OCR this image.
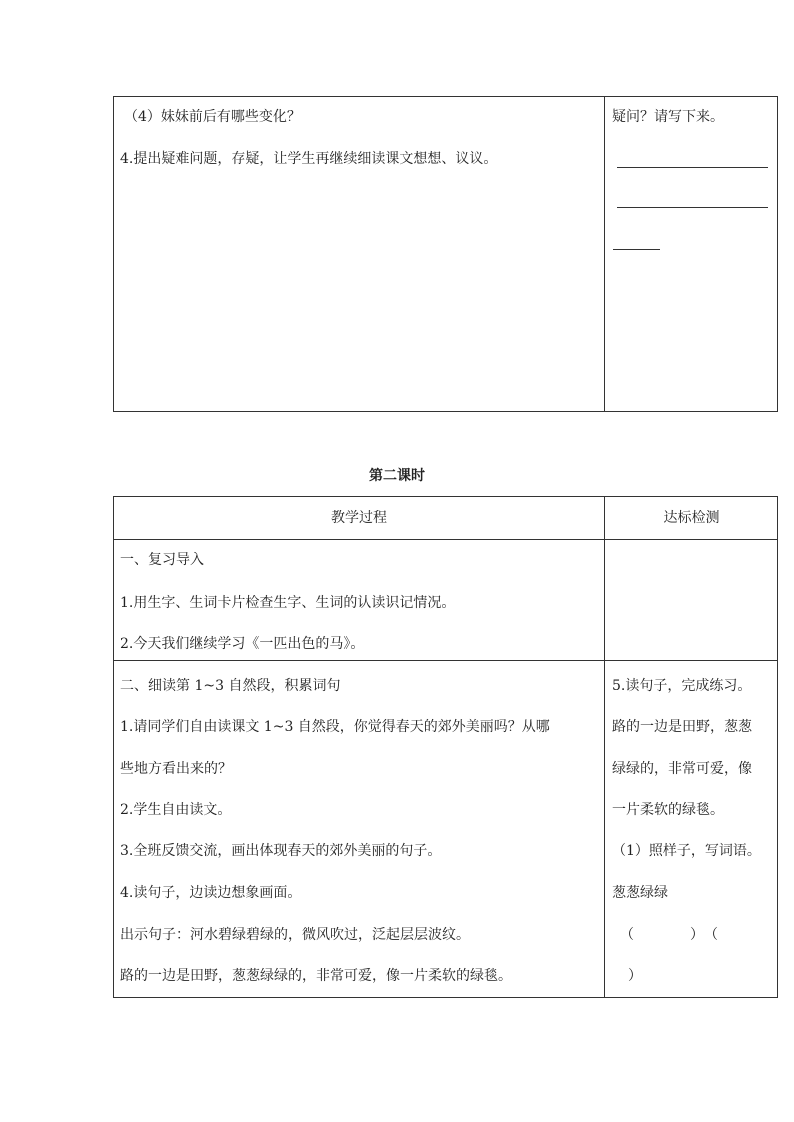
（4）妹妹前后有哪些变化？
4.提出疑难问题，存疑，让学生再继续细读课文想想、议议。
疑问？请写下来。
第二课时
教学过程	达标检测
一、复习导入
1.用生字、生词卡片检查生字、生词的认读识记情况。
2.今天我们继续学习《一匹出色的马》。
二、细读第 1~3 自然段，积累词句
1.请同学们自由读课文 1~3 自然段，你觉得春天的郊外美丽吗？从哪
些地方看出来的？
2.学生自由读文。
3.全班反馈交流，画出体现春天的郊外美丽的句子。
4.读句子，边读边想象画面。
出示句子：河水碧绿碧绿的，微风吹过，泛起层层波纹。
路的一边是田野，葱葱绿绿的，非常可爱，像一片柔软的绿毯。
5.读句子，完成练习。
路的一边是田野，葱葱
绿绿的，非常可爱，像
一片柔软的绿毯。
（1）照样子，写词语。
葱葱绿绿
（　　　　）　（
）
